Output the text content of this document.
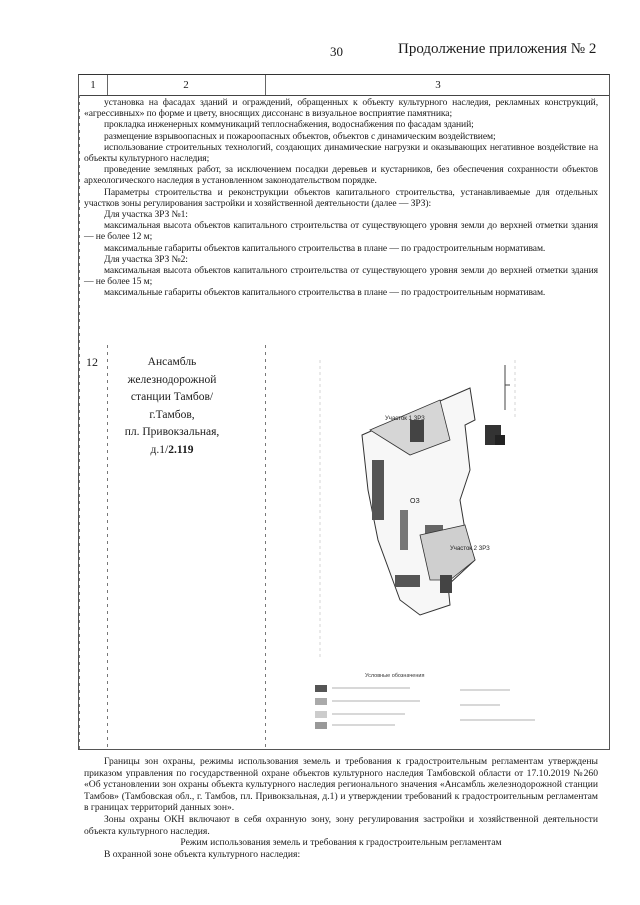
30	Продолжение приложения № 2
1	2	3

установка на фасадах зданий и ограждений, обращенных к объекту культурного наследия, рекламных конструкций, «агрессивных» по форме и цвету, вносящих диссонанс в визуальное восприятие памятника;

прокладка инженерных коммуникаций теплоснабжения, водоснабжения по фасадам зданий;

размещение взрывоопасных и пожароопасных объектов, объектов с динамическим воздействием;

использование строительных технологий, создающих динамические нагрузки и оказывающих негативное воздействие на объекты культурного наследия;

проведение земляных работ, за исключением посадки деревьев и кустарников, без обеспечения сохранности объектов археологического наследия в установленном законодательством порядке.

Параметры строительства и реконструкции объектов капитального строительства, устанавливаемые для отдельных участков зоны регулирования застройки и хозяйственной деятельности (далее — ЗРЗ):

Для участка ЗРЗ №1:

максимальная высота объектов капитального строительства от существующего уровня земли до верхней отметки здания — не более 12 м;

максимальные габариты объектов капитального строительства в плане — по градостроительным нормативам.

Для участка ЗРЗ №2:

максимальная высота объектов капитального строительства от существующего уровня земли до верхней отметки здания — не более 15 м;

максимальные габариты объектов капитального строительства в плане — по градостроительным нормативам.

12	Ансамбль
железнодорожной
станции Тамбов/
г.Тамбов,
пл. Привокзальная,
д.1/2.119
Участок 1 ЗРЗ
ОЗ
Участок 2 ЗРЗ
Условные обозначения

Границы зон охраны, режимы использования земель и требования к градостроительным регламентам утверждены приказом управления по государственной охране объектов культурного наследия Тамбовской области от 17.10.2019 №260 «Об установлении зон охраны объекта культурного наследия регионального значения «Ансамбль железнодорожной станции Тамбов» (Тамбовская обл., г. Тамбов, пл. Привокзальная, д.1) и утверждении требований к градостроительным регламентам в границах территорий данных зон».

Зоны охраны ОКН включают в себя охранную зону, зону регулирования застройки и хозяйственной деятельности объекта культурного наследия.

Режим использования земель и требования к градостроительным регламентам

В охранной зоне объекта культурного наследия:
